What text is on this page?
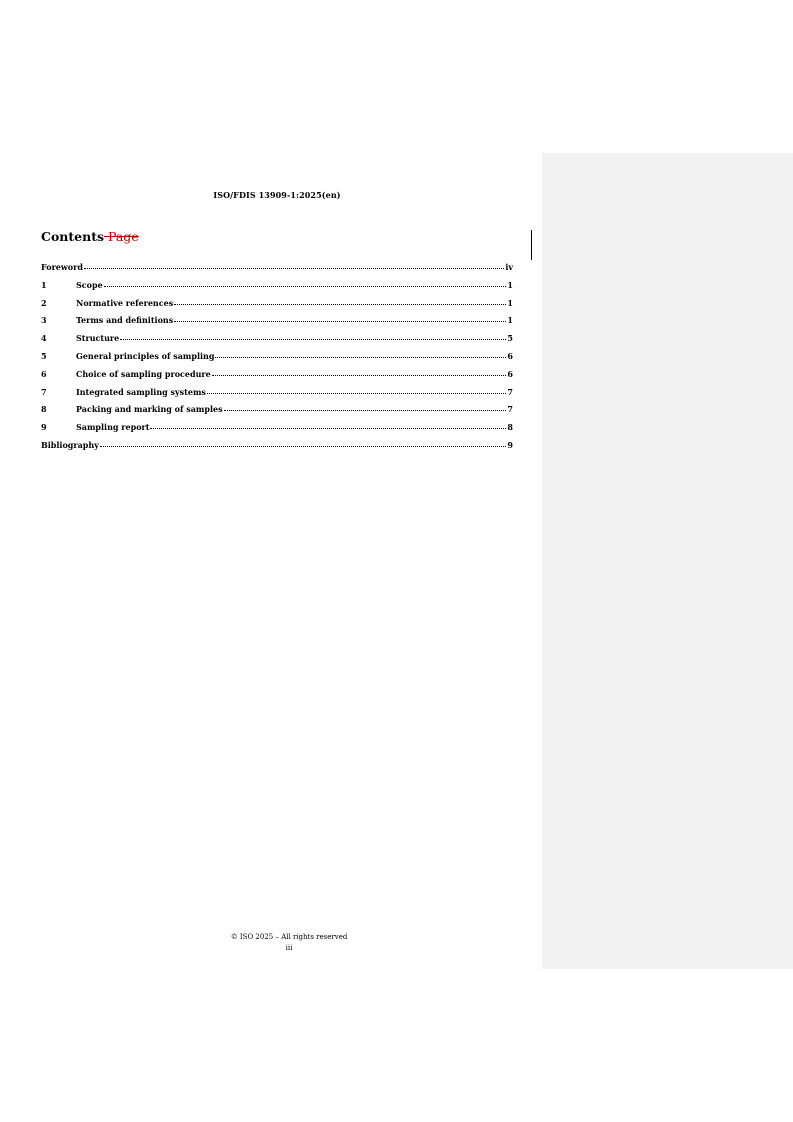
ISO/FDIS 13909-1:2025(en)
Contents Page
Foreword	iv
1	Scope	1
2	Normative references	1
3	Terms and definitions	1
4	Structure	5
5	General principles of sampling	6
6	Choice of sampling procedure	6
7	Integrated sampling systems	7
8	Packing and marking of samples	7
9	Sampling report	8
Bibliography	9
© ISO 2025 – All rights reserved
iii
